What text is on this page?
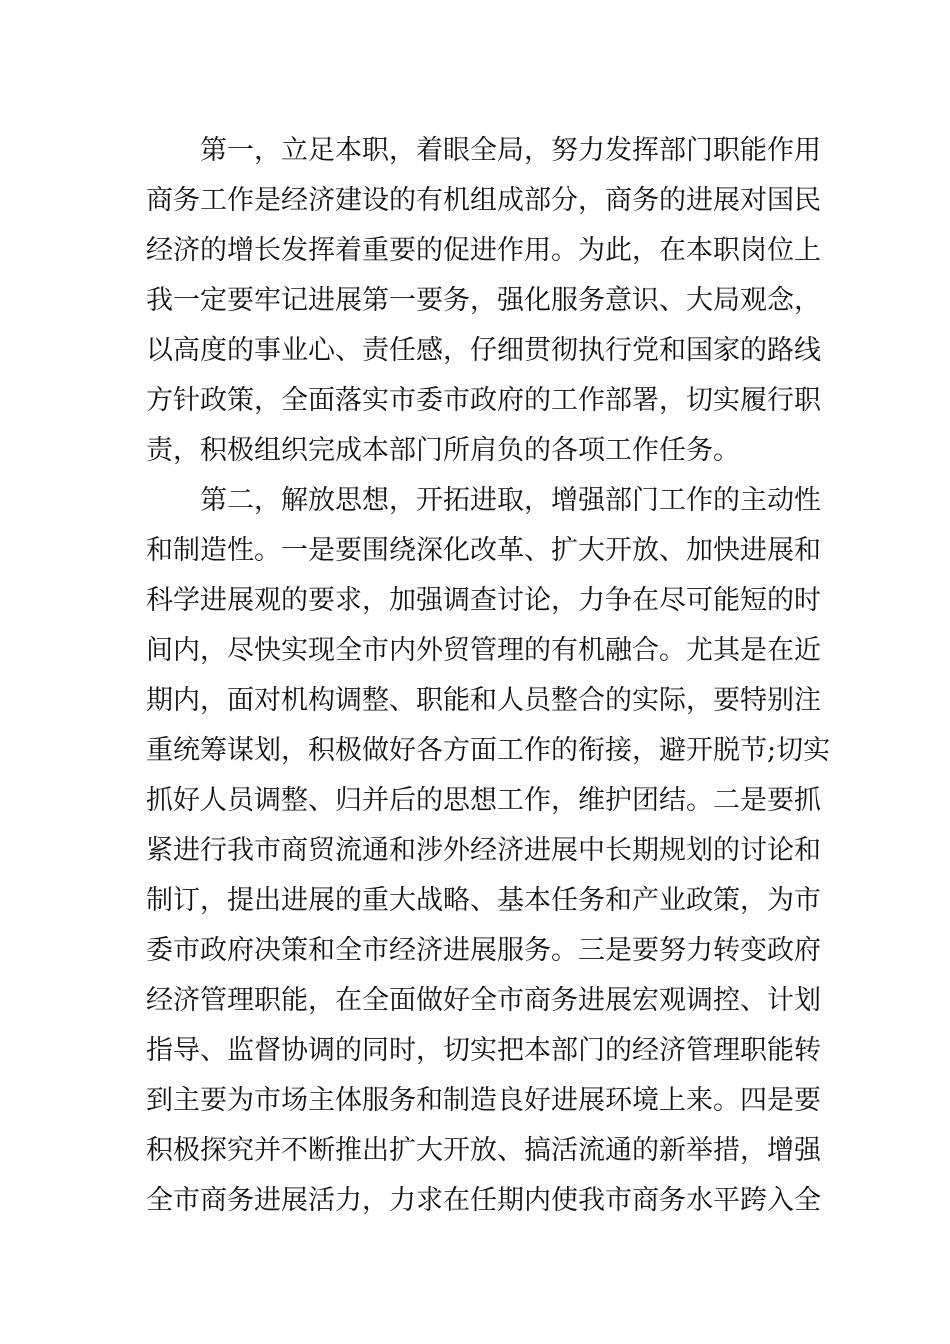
第一，立足本职，着眼全局，努力发挥部门职能作用
商务工作是经济建设的有机组成部分，商务的进展对国民
经济的增长发挥着重要的促进作用。为此，在本职岗位上
我一定要牢记进展第一要务，强化服务意识、大局观念，
以高度的事业心、责任感，仔细贯彻执行党和国家的路线
方针政策，全面落实市委市政府的工作部署，切实履行职
责，积极组织完成本部门所肩负的各项工作任务。
第二，解放思想，开拓进取，增强部门工作的主动性
和制造性。一是要围绕深化改革、扩大开放、加快进展和
科学进展观的要求，加强调查讨论，力争在尽可能短的时
间内，尽快实现全市内外贸管理的有机融合。尤其是在近
期内，面对机构调整、职能和人员整合的实际，要特别注
重统筹谋划，积极做好各方面工作的衔接，避开脱节;切实
抓好人员调整、归并后的思想工作，维护团结。二是要抓
紧进行我市商贸流通和涉外经济进展中长期规划的讨论和
制订，提出进展的重大战略、基本任务和产业政策，为市
委市政府决策和全市经济进展服务。三是要努力转变政府
经济管理职能，在全面做好全市商务进展宏观调控、计划
指导、监督协调的同时，切实把本部门的经济管理职能转
到主要为市场主体服务和制造良好进展环境上来。四是要
积极探究并不断推出扩大开放、搞活流通的新举措，增强
全市商务进展活力，力求在任期内使我市商务水平跨入全
